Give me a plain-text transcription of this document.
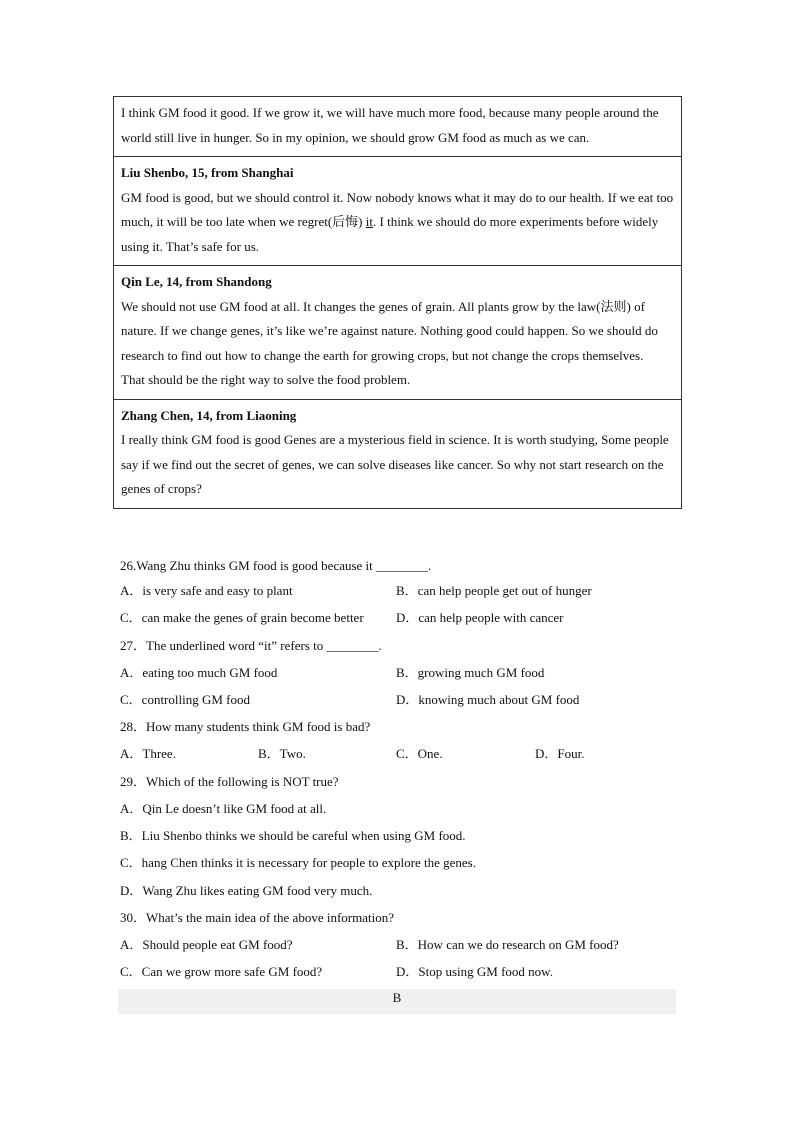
I think GM food it good. If we grow it, we will have much more food, because many people around the world still live in hunger. So in my opinion, we should grow GM food as much as we can.
Liu Shenbo, 15, from Shanghai
GM food is good, but we should control it. Now nobody knows what it may do to our health. If we eat too much, it will be too late when we regret(后悔) it. I think we should do more experiments before widely using it. That’s safe for us.
Qin Le, 14, from Shandong
We should not use GM food at all. It changes the genes of grain. All plants grow by the law(法则) of nature. If we change genes, it’s like we’re against nature. Nothing good could happen. So we should do research to find out how to change the earth for growing crops, but not change the crops themselves.
That should be the right way to solve the food problem.
Zhang Chen, 14, from Liaoning
I really think GM food is good Genes are a mysterious field in science. It is worth studying, Some people say if we find out the secret of genes, we can solve diseases like cancer. So why not start research on the genes of crops?
26.Wang Zhu thinks GM food is good because it ________.
A．is very safe and easy to plant	B．can help people get out of hunger
C．can make the genes of grain become better D．can help people with cancer
27．The underlined word “it” refers to ________.
A．eating too much GM food	B．growing much GM food
C．controlling GM food	D．knowing much about GM food
28．How many students think GM food is bad?
A．Three.	B．Two.	C．One.	D．Four.
29．Which of the following is NOT true?
A．Qin Le doesn’t like GM food at all.
B．Liu Shenbo thinks we should be careful when using GM food.
C．hang Chen thinks it is necessary for people to explore the genes.
D．Wang Zhu likes eating GM food very much.
30．What’s the main idea of the above information?
A．Should people eat GM food?	B．How can we do research on GM food?
C．Can we grow more safe GM food?	D．Stop using GM food now.
B
